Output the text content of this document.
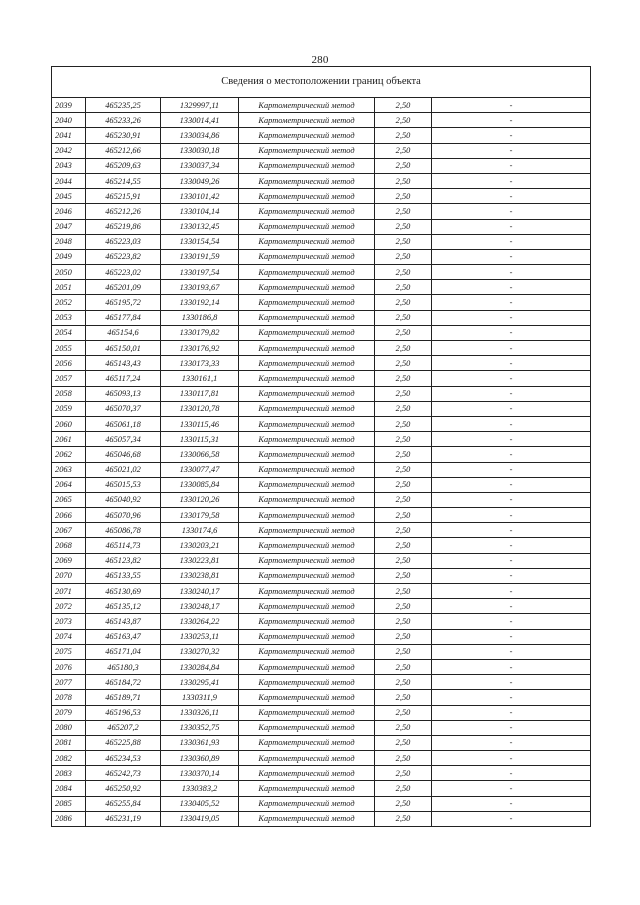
280
Сведения о местоположении границ объекта					
2039	465235,25	1329997,11	Картометрический метод	2,50	-
2040	465233,26	1330014,41	Картометрический метод	2,50	-
2041	465230,91	1330034,86	Картометрический метод	2,50	-
2042	465212,66	1330030,18	Картометрический метод	2,50	-
2043	465209,63	1330037,34	Картометрический метод	2,50	-
2044	465214,55	1330049,26	Картометрический метод	2,50	-
2045	465215,91	1330101,42	Картометрический метод	2,50	-
2046	465212,26	1330104,14	Картометрический метод	2,50	-
2047	465219,86	1330132,45	Картометрический метод	2,50	-
2048	465223,03	1330154,54	Картометрический метод	2,50	-
2049	465223,82	1330191,59	Картометрический метод	2,50	-
2050	465223,02	1330197,54	Картометрический метод	2,50	-
2051	465201,09	1330193,67	Картометрический метод	2,50	-
2052	465195,72	1330192,14	Картометрический метод	2,50	-
2053	465177,84	1330186,8	Картометрический метод	2,50	-
2054	465154,6	1330179,82	Картометрический метод	2,50	-
2055	465150,01	1330176,92	Картометрический метод	2,50	-
2056	465143,43	1330173,33	Картометрический метод	2,50	-
2057	465117,24	1330161,1	Картометрический метод	2,50	-
2058	465093,13	1330117,81	Картометрический метод	2,50	-
2059	465070,37	1330120,78	Картометрический метод	2,50	-
2060	465061,18	1330115,46	Картометрический метод	2,50	-
2061	465057,34	1330115,31	Картометрический метод	2,50	-
2062	465046,68	1330066,58	Картометрический метод	2,50	-
2063	465021,02	1330077,47	Картометрический метод	2,50	-
2064	465015,53	1330085,84	Картометрический метод	2,50	-
2065	465040,92	1330120,26	Картометрический метод	2,50	-
2066	465070,96	1330179,58	Картометрический метод	2,50	-
2067	465086,78	1330174,6	Картометрический метод	2,50	-
2068	465114,73	1330203,21	Картометрический метод	2,50	-
2069	465123,82	1330223,81	Картометрический метод	2,50	-
2070	465133,55	1330238,81	Картометрический метод	2,50	-
2071	465130,69	1330240,17	Картометрический метод	2,50	-
2072	465135,12	1330248,17	Картометрический метод	2,50	-
2073	465143,87	1330264,22	Картометрический метод	2,50	-
2074	465163,47	1330253,11	Картометрический метод	2,50	-
2075	465171,04	1330270,32	Картометрический метод	2,50	-
2076	465180,3	1330284,84	Картометрический метод	2,50	-
2077	465184,72	1330295,41	Картометрический метод	2,50	-
2078	465189,71	1330311,9	Картометрический метод	2,50	-
2079	465196,53	1330326,11	Картометрический метод	2,50	-
2080	465207,2	1330352,75	Картометрический метод	2,50	-
2081	465225,88	1330361,93	Картометрический метод	2,50	-
2082	465234,53	1330360,89	Картометрический метод	2,50	-
2083	465242,73	1330370,14	Картометрический метод	2,50	-
2084	465250,92	1330383,2	Картометрический метод	2,50	-
2085	465255,84	1330405,52	Картометрический метод	2,50	-
2086	465231,19	1330419,05	Картометрический метод	2,50	-
